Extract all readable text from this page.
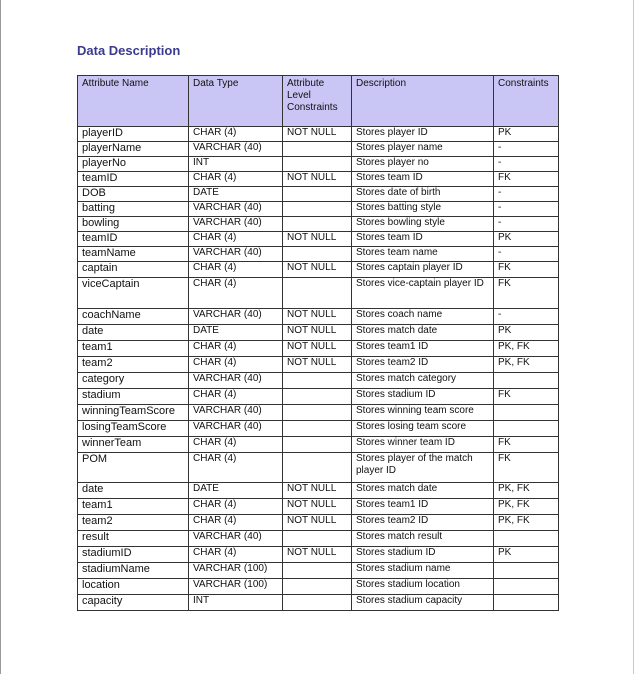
Data Description
Attribute Name	Data Type	Attribute Level Constraints	Description	Constraints
playerID	CHAR (4)	NOT NULL	Stores player ID	PK
playerName	VARCHAR (40)		Stores player name	-
playerNo	INT		Stores player no	-
teamID	CHAR (4)	NOT NULL	Stores team ID	FK
DOB	DATE		Stores date of birth	-
batting	VARCHAR (40)		Stores batting style	-
bowling	VARCHAR (40)		Stores bowling style	-
teamID	CHAR (4)	NOT NULL	Stores team ID	PK
teamName	VARCHAR (40)		Stores team name	-
captain	CHAR (4)	NOT NULL	Stores captain player ID	FK
viceCaptain	CHAR (4)		Stores vice-captain player ID	FK
coachName	VARCHAR (40)	NOT NULL	Stores coach name	-
date	DATE	NOT NULL	Stores match date	PK
team1	CHAR (4)	NOT NULL	Stores team1 ID	PK, FK
team2	CHAR (4)	NOT NULL	Stores team2 ID	PK, FK
category	VARCHAR (40)		Stores match category	
stadium	CHAR (4)		Stores stadium ID	FK
winningTeamScore	VARCHAR (40)		Stores winning team score	
losingTeamScore	VARCHAR (40)		Stores losing team score	
winnerTeam	CHAR (4)		Stores winner team ID	FK
POM	CHAR (4)		Stores player of the match player ID	FK
date	DATE	NOT NULL	Stores match date	PK, FK
team1	CHAR (4)	NOT NULL	Stores team1 ID	PK, FK
team2	CHAR (4)	NOT NULL	Stores team2 ID	PK, FK
result	VARCHAR (40)		Stores match result	
stadiumID	CHAR (4)	NOT NULL	Stores stadium ID	PK
stadiumName	VARCHAR (100)		Stores stadium name	
location	VARCHAR (100)		Stores stadium location	
capacity	INT		Stores stadium capacity	
